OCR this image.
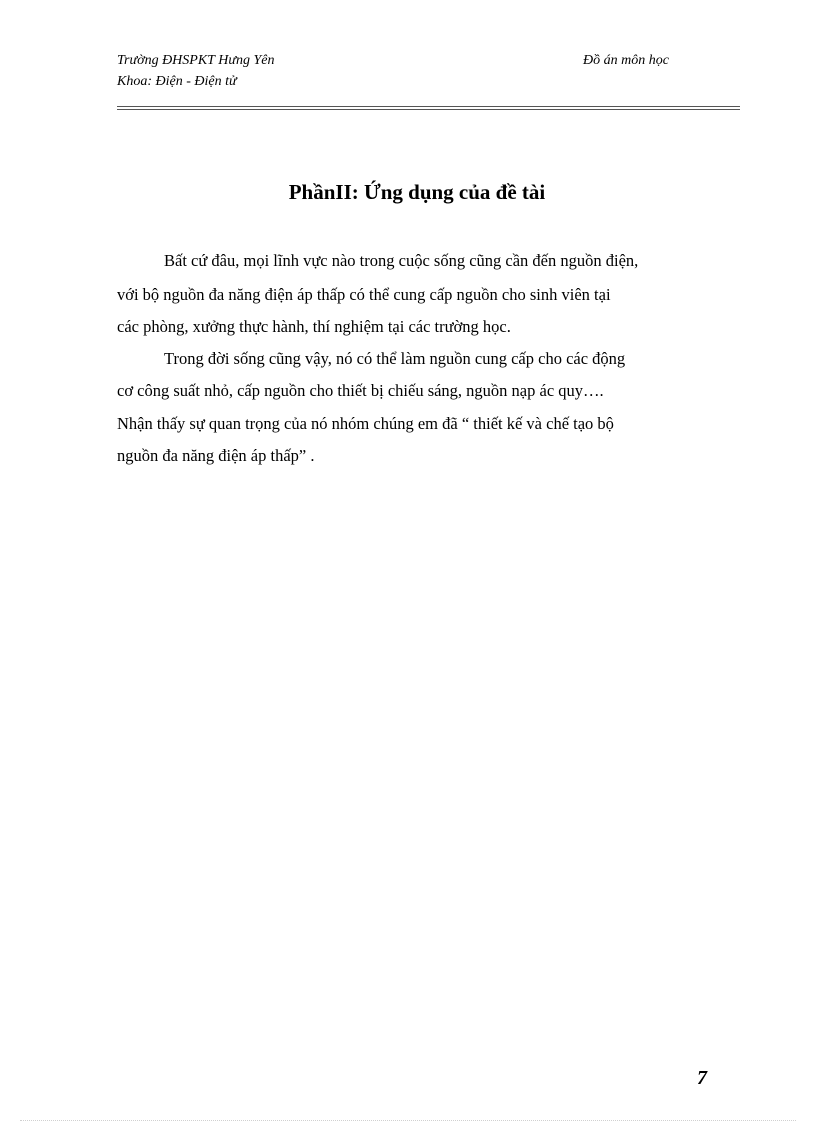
Trường ĐHSPKT Hưng Yên
Khoa: Điện - Điện tử
Đồ án môn học
PhầnII: Ứng dụng của đề tài
Bất cứ đâu, mọi lĩnh vực nào trong cuộc sống cũng cần đến nguồn điện,
với bộ nguồn đa năng điện áp thấp có thể cung cấp nguồn cho sinh viên tại
các phòng, xưởng thực hành, thí nghiệm tại các trường học.
Trong đời sống cũng vậy, nó có thể làm nguồn cung cấp cho các động
cơ công suất nhỏ, cấp nguồn cho thiết bị chiếu sáng, nguồn nạp ác quy….
Nhận thấy sự quan trọng của nó nhóm chúng em đã “ thiết kế và chế tạo bộ
nguồn đa năng điện áp thấp” .
7
